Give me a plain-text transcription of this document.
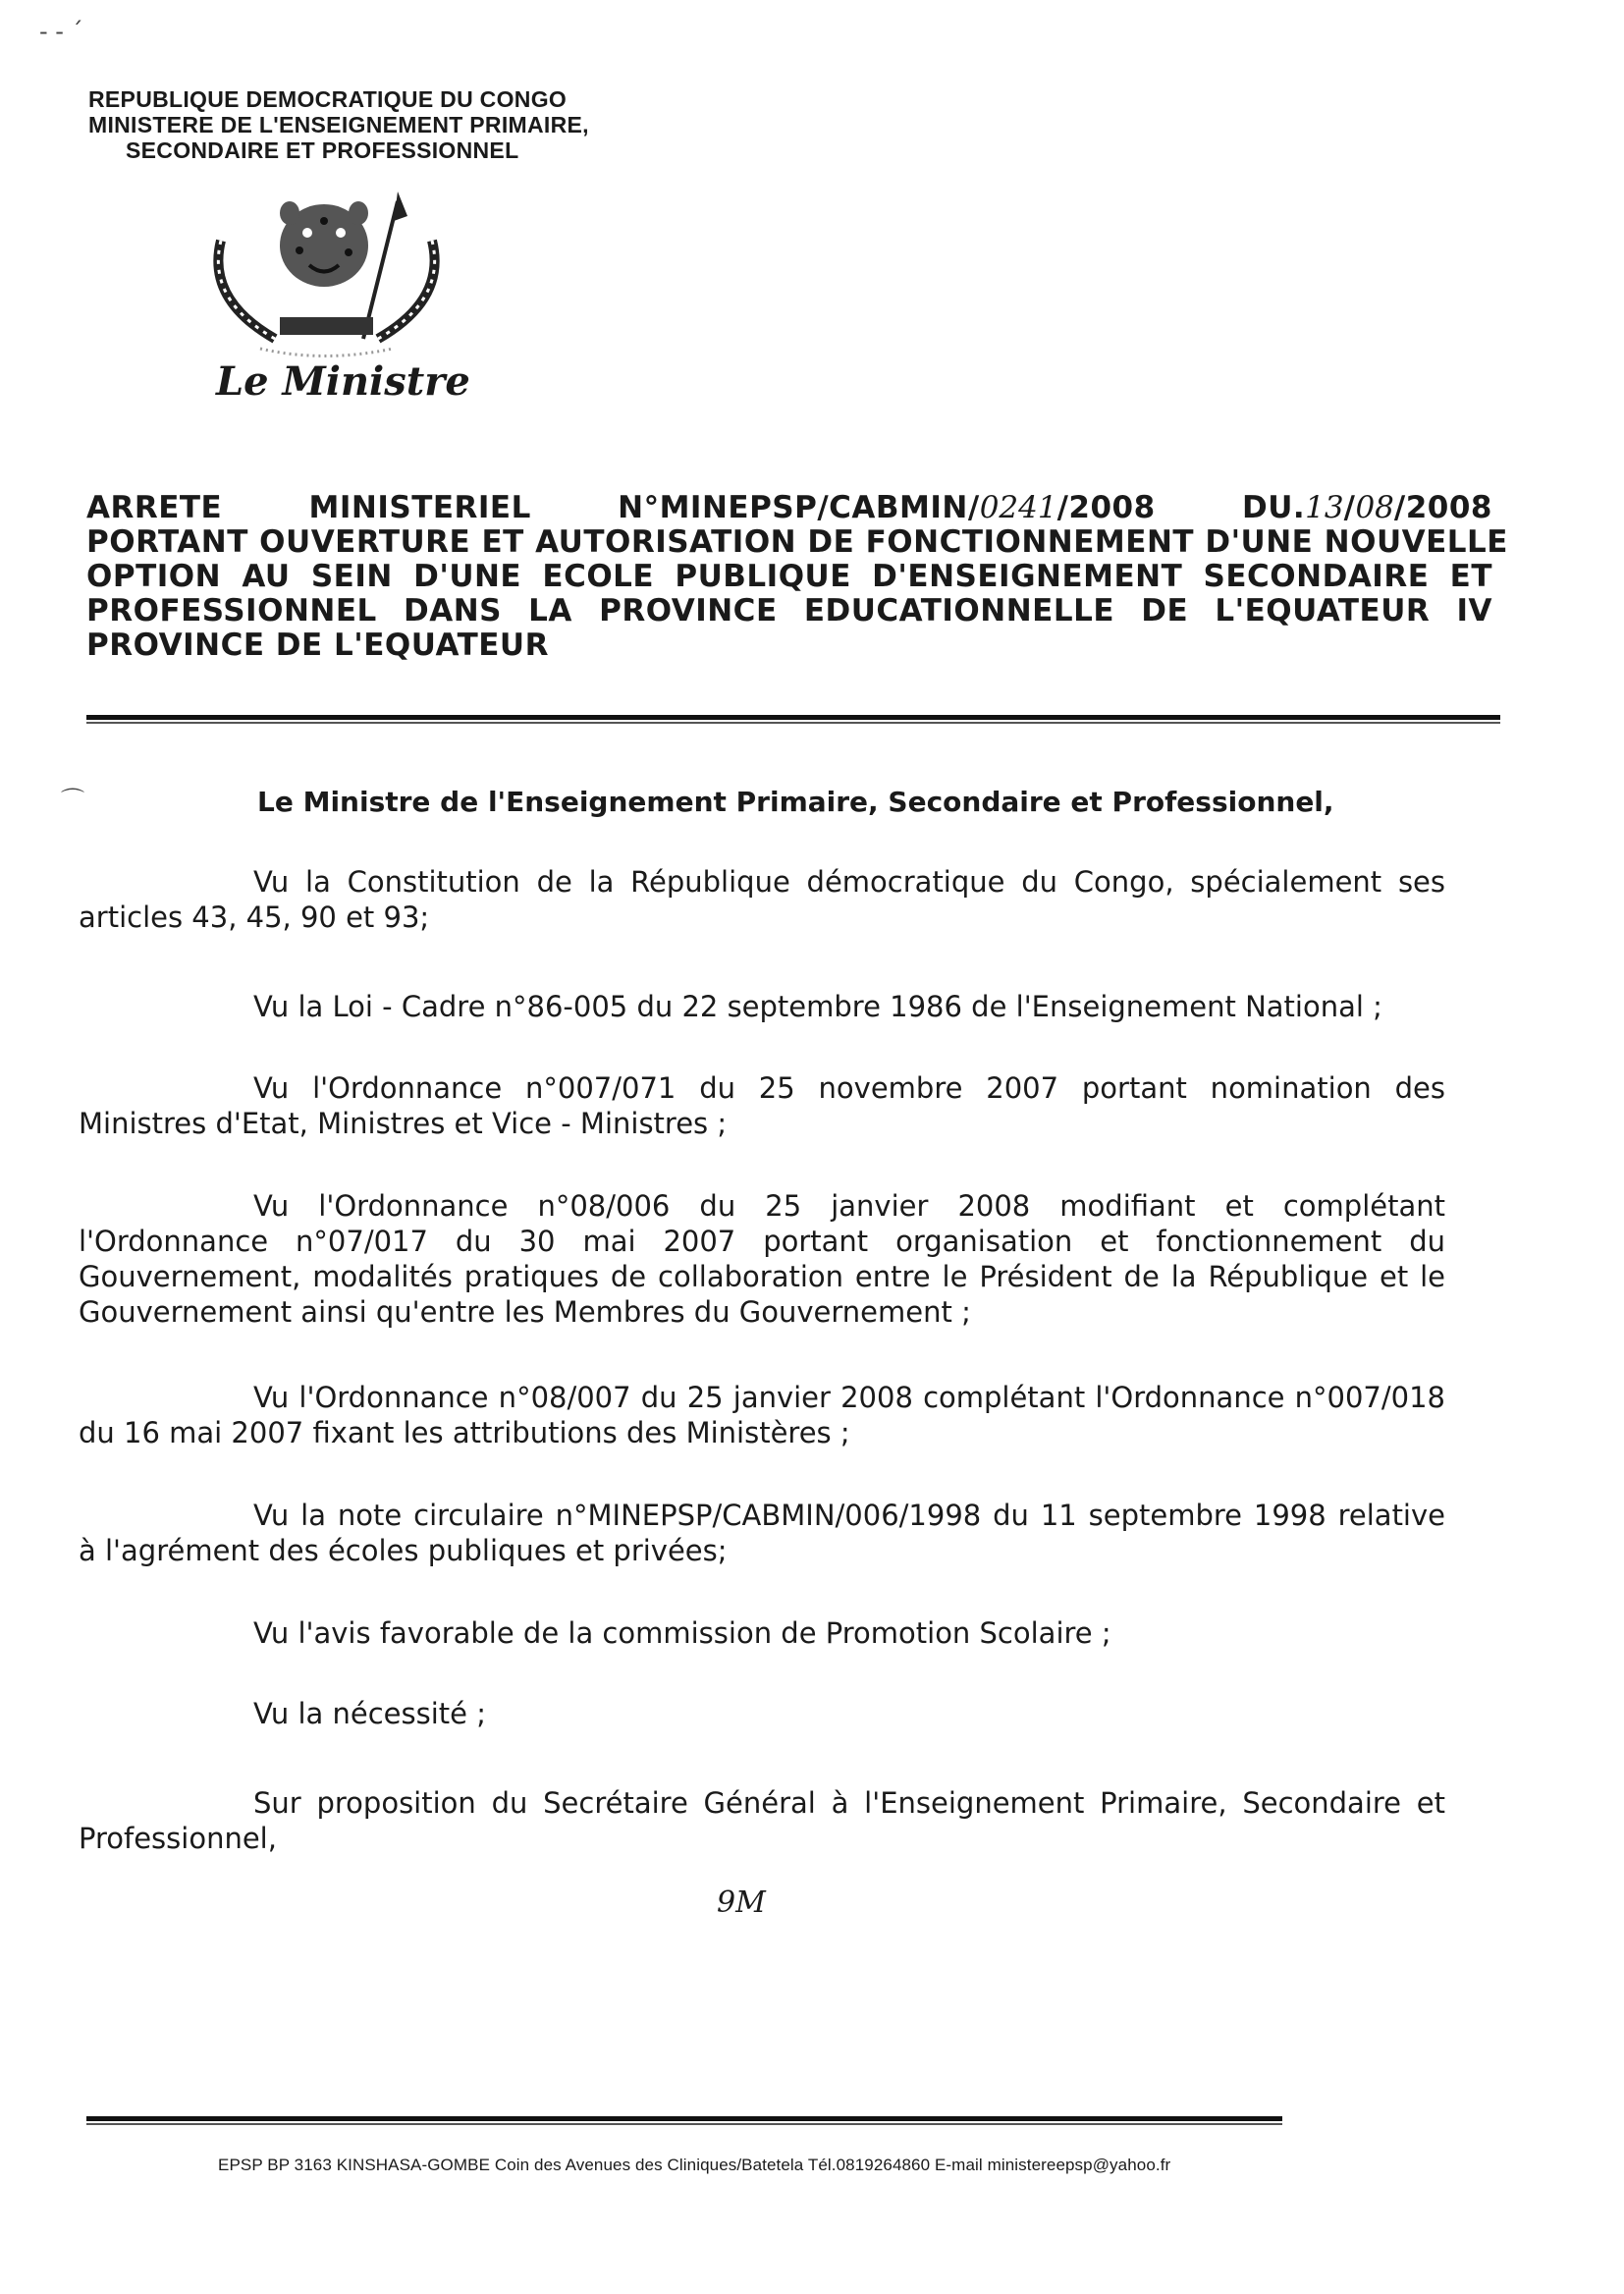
- ‐ ´
REPUBLIQUE DEMOCRATIQUE DU CONGO
MINISTERE DE L'ENSEIGNEMENT PRIMAIRE,
SECONDAIRE ET PROFESSIONNEL
Le Ministre
ARRETE	MINISTERIEL	N°MINEPSP/CABMIN/0241/2008	DU.13/08/2008
PORTANT OUVERTURE ET AUTORISATION DE FONCTIONNEMENT D'UNE NOUVELLE
OPTION AU SEIN D'UNE ECOLE PUBLIQUE D'ENSEIGNEMENT SECONDAIRE ET
PROFESSIONNEL DANS LA PROVINCE EDUCATIONNELLE DE L'EQUATEUR IV
PROVINCE DE L'EQUATEUR
⌒	Le Ministre de l'Enseignement Primaire, Secondaire et Professionnel,
Vu la Constitution de la République démocratique du Congo, spécialement ses articles 43, 45, 90 et 93;
Vu la Loi - Cadre n°86-005 du 22 septembre 1986 de l'Enseignement National ;
Vu l'Ordonnance n°007/071 du 25 novembre 2007 portant nomination des Ministres d'Etat, Ministres et Vice - Ministres ;
Vu l'Ordonnance n°08/006 du 25 janvier 2008 modifiant et complétant l'Ordonnance n°07/017 du 30 mai 2007 portant organisation et fonctionnement du Gouvernement, modalités pratiques de collaboration entre le Président de la République et le Gouvernement ainsi qu'entre les Membres du Gouvernement ;
Vu l'Ordonnance n°08/007 du 25 janvier 2008 complétant l'Ordonnance n°007/018 du 16 mai 2007 fixant les attributions des Ministères ;
Vu la note circulaire n°MINEPSP/CABMIN/006/1998 du 11 septembre 1998 relative à l'agrément des écoles publiques et privées;
Vu l'avis favorable de la commission de Promotion Scolaire ;
Vu la nécessité ;
Sur proposition du Secrétaire Général à l'Enseignement Primaire, Secondaire et Professionnel,
9M
EPSP BP 3163 KINSHASA-GOMBE Coin des Avenues des Cliniques/Batetela Tél.0819264860 E-mail ministereepsp@yahoo.fr
